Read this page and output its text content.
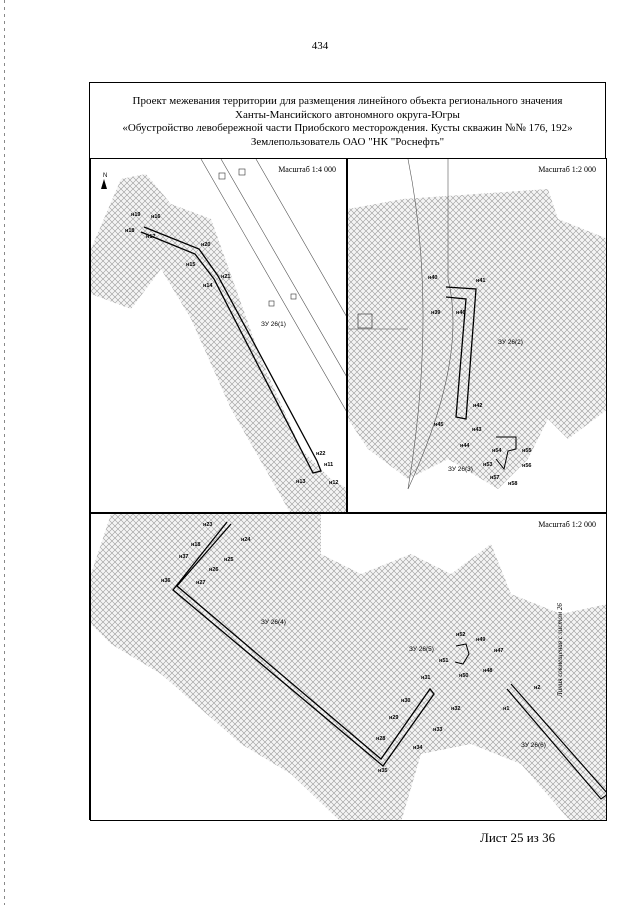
434
Проект межевания территории для размещения линейного объекта регионального значения
Ханты-Мансийского автономного округа-Югры
«Обустройство левобережной части Приобского месторождения. Кусты скважин №№ 176, 192»
Землепользователь ОАО "НК "Роснефть"
N
н19 н16
н18
н17
н20
н15
н21
н14
н22
н11
н13	н12
ЗУ 26(1)
Масштаб 1:4 000
н40	н41
н39	н46
н42
н45
н43
н44
н54	н55
н53	н56
н57
н58
ЗУ 26(2)
ЗУ 26(3)
Масштаб 1:2 000
н23
н24
н18
н25
н37
н26
н36	н27
н52
н49
н47
н51
н48
н50
н31
н30
н32
н29
н33
н28
н34
н35
н2
н1
ЗУ 26(4)
ЗУ 26(5)
ЗУ 26(6)
Масштаб 1:2 000
Линия совмещения с листом 26
Лист 25 из 36
